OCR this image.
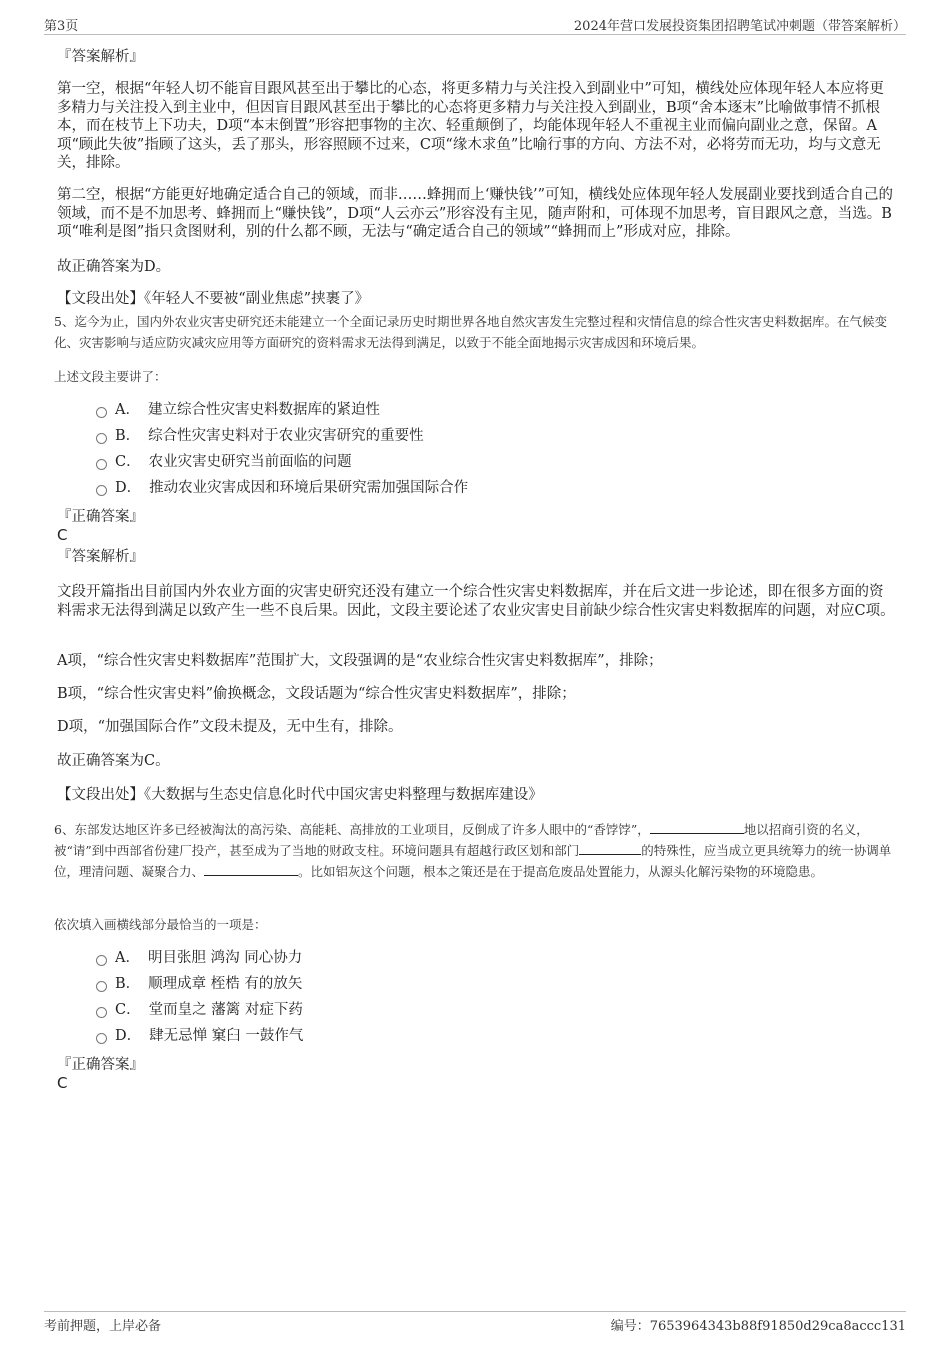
第3页	2024年营口发展投资集团招聘笔试冲刺题（带答案解析）
『答案解析』
第一空，根据“年轻人切不能盲目跟风甚至出于攀比的心态，将更多精力与关注投入到副业中”可知，横线处应体现年轻人本应将更多精力与关注投入到主业中，但因盲目跟风甚至出于攀比的心态将更多精力与关注投入到副业，B项“舍本逐末”比喻做事情不抓根本，而在枝节上下功夫，D项“本末倒置”形容把事物的主次、轻重颠倒了，均能体现年轻人不重视主业而偏向副业之意，保留。A项“顾此失彼”指顾了这头，丢了那头，形容照顾不过来，C项“缘木求鱼”比喻行事的方向、方法不对，必将劳而无功，均与文意无关，排除。
第二空，根据“方能更好地确定适合自己的领域，而非……蜂拥而上‘赚快钱’”可知，横线处应体现年轻人发展副业要找到适合自己的领域，而不是不加思考、蜂拥而上“赚快钱”，D项“人云亦云”形容没有主见，随声附和，可体现不加思考，盲目跟风之意，当选。B项“唯利是图”指只贪图财利，别的什么都不顾，无法与“确定适合自己的领域”“蜂拥而上”形成对应，排除。
故正确答案为D。
【文段出处】《年轻人不要被“副业焦虑”挟裹了》
5、迄今为止，国内外农业灾害史研究还未能建立一个全面记录历史时期世界各地自然灾害发生完整过程和灾情信息的综合性灾害史料数据库。在气候变化、灾害影响与适应防灾减灾应用等方面研究的资料需求无法得到满足，以致于不能全面地揭示灾害成因和环境后果。
上述文段主要讲了：
A． 建立综合性灾害史料数据库的紧迫性
B． 综合性灾害史料对于农业灾害研究的重要性
C． 农业灾害史研究当前面临的问题
D． 推动农业灾害成因和环境后果研究需加强国际合作
『正确答案』
C
『答案解析』
文段开篇指出目前国内外农业方面的灾害史研究还没有建立一个综合性灾害史料数据库，并在后文进一步论述，即在很多方面的资料需求无法得到满足以致产生一些不良后果。因此，文段主要论述了农业灾害史目前缺少综合性灾害史料数据库的问题，对应C项。
A项，“综合性灾害史料数据库”范围扩大，文段强调的是“农业综合性灾害史料数据库”，排除；
B项，“综合性灾害史料”偷换概念，文段话题为“综合性灾害史料数据库”，排除；
D项，“加强国际合作”文段未提及，无中生有，排除。
故正确答案为C。
【文段出处】《大数据与生态史信息化时代中国灾害史料整理与数据库建设》
6、东部发达地区许多已经被淘汰的高污染、高能耗、高排放的工业项目，反倒成了许多人眼中的“香饽饽”，	地以招商引资的名义，被“请”到中西部省份建厂投产，甚至成为了当地的财政支柱。环境问题具有超越行政区划和部门	的特殊性，应当成立更具统筹力的统一协调单位，理清问题、凝聚合力、	。比如铝灰这个问题，根本之策还是在于提高危废品处置能力，从源头化解污染物的环境隐患。
依次填入画横线部分最恰当的一项是：
A． 明目张胆 鸿沟 同心协力
B． 顺理成章 桎梏 有的放矢
C． 堂而皇之 藩篱 对症下药
D． 肆无忌惮 窠臼 一鼓作气
『正确答案』
C
考前押题，上岸必备	编号：7653964343b88f91850d29ca8accc131
